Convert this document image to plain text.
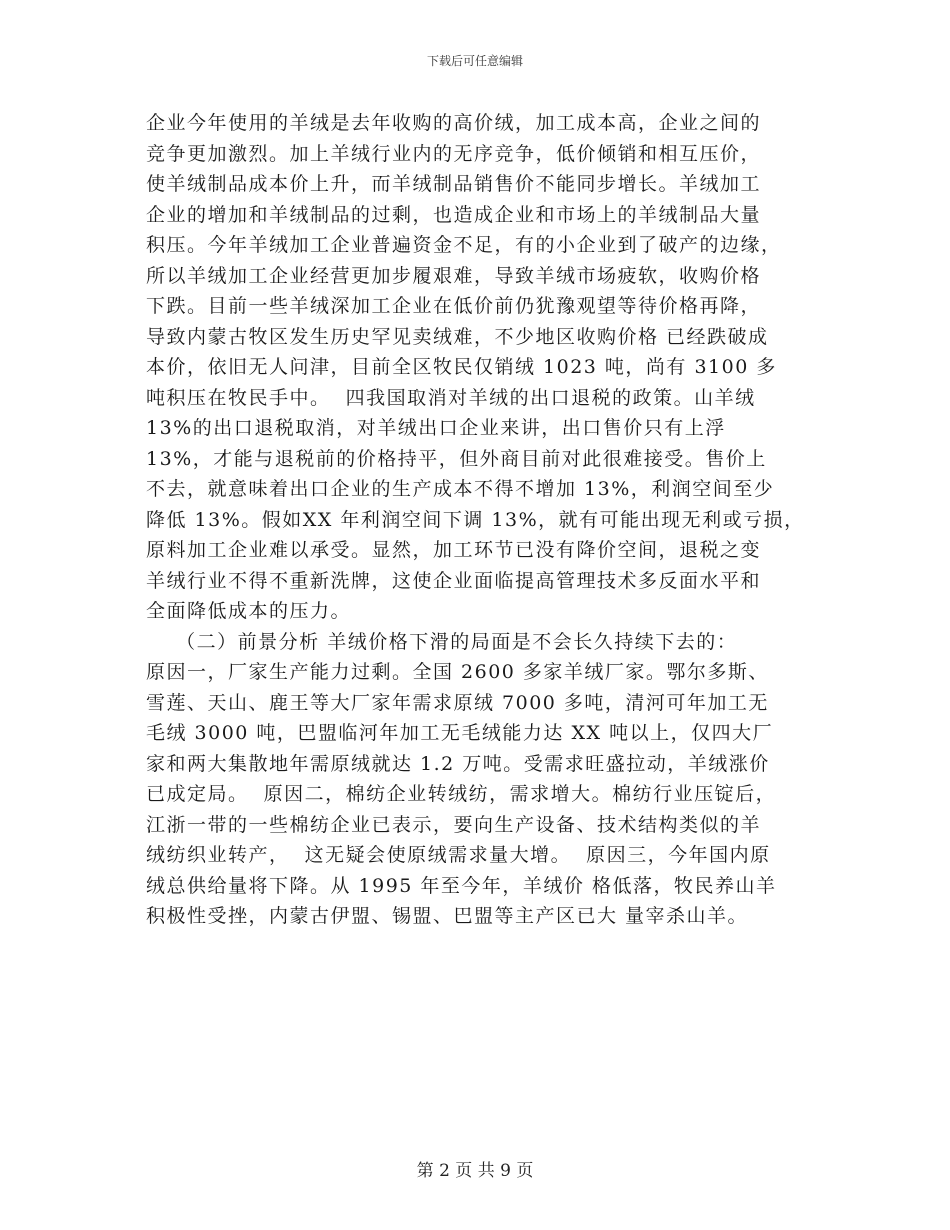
下载后可任意编辑
企业今年使用的羊绒是去年收购的高价绒，加工成本高，企业之间的
竞争更加激烈。加上羊绒行业内的无序竞争，低价倾销和相互压价，
使羊绒制品成本价上升，而羊绒制品销售价不能同步增长。羊绒加工
企业的增加和羊绒制品的过剩，也造成企业和市场上的羊绒制品大量
积压。今年羊绒加工企业普遍资金不足，有的小企业到了破产的边缘，
所以羊绒加工企业经营更加步履艰难，导致羊绒市场疲软，收购价格
下跌。目前一些羊绒深加工企业在低价前仍犹豫观望等待价格再降，
导致内蒙古牧区发生历史罕见卖绒难，不少地区收购价格 已经跌破成
本价，依旧无人问津，目前全区牧民仅销绒 1023 吨，尚有 3100 多
吨积压在牧民手中。  四我国取消对羊绒的出口退税的政策。山羊绒
13%的出口退税取消，对羊绒出口企业来讲，出口售价只有上浮
13%，才能与退税前的价格持平，但外商目前对此很难接受。售价上
不去，就意味着出口企业的生产成本不得不增加 13%，利润空间至少
降低 13%。假如XX 年利润空间下调 13%，就有可能出现无利或亏损，
原料加工企业难以承受。显然，加工环节已没有降价空间，退税之变
羊绒行业不得不重新洗牌，这使企业面临提高管理技术多反面水平和
全面降低成本的压力。
（二）前景分析 羊绒价格下滑的局面是不会长久持续下去的：
原因一，厂家生产能力过剩。全国 2600 多家羊绒厂家。鄂尔多斯、
雪莲、天山、鹿王等大厂家年需求原绒 7000 多吨，清河可年加工无
毛绒 3000 吨，巴盟临河年加工无毛绒能力达 XX 吨以上，仅四大厂
家和两大集散地年需原绒就达 1.2 万吨。受需求旺盛拉动，羊绒涨价
已成定局。  原因二，棉纺企业转绒纺，需求增大。棉纺行业压锭后，
江浙一带的一些棉纺企业已表示，要向生产设备、技术结构类似的羊
绒纺织业转产，  这无疑会使原绒需求量大增。  原因三，今年国内原
绒总供给量将下降。从 1995 年至今年，羊绒价 格低落，牧民养山羊
积极性受挫，内蒙古伊盟、锡盟、巴盟等主产区已大 量宰杀山羊。
第 2 页 共 9 页
